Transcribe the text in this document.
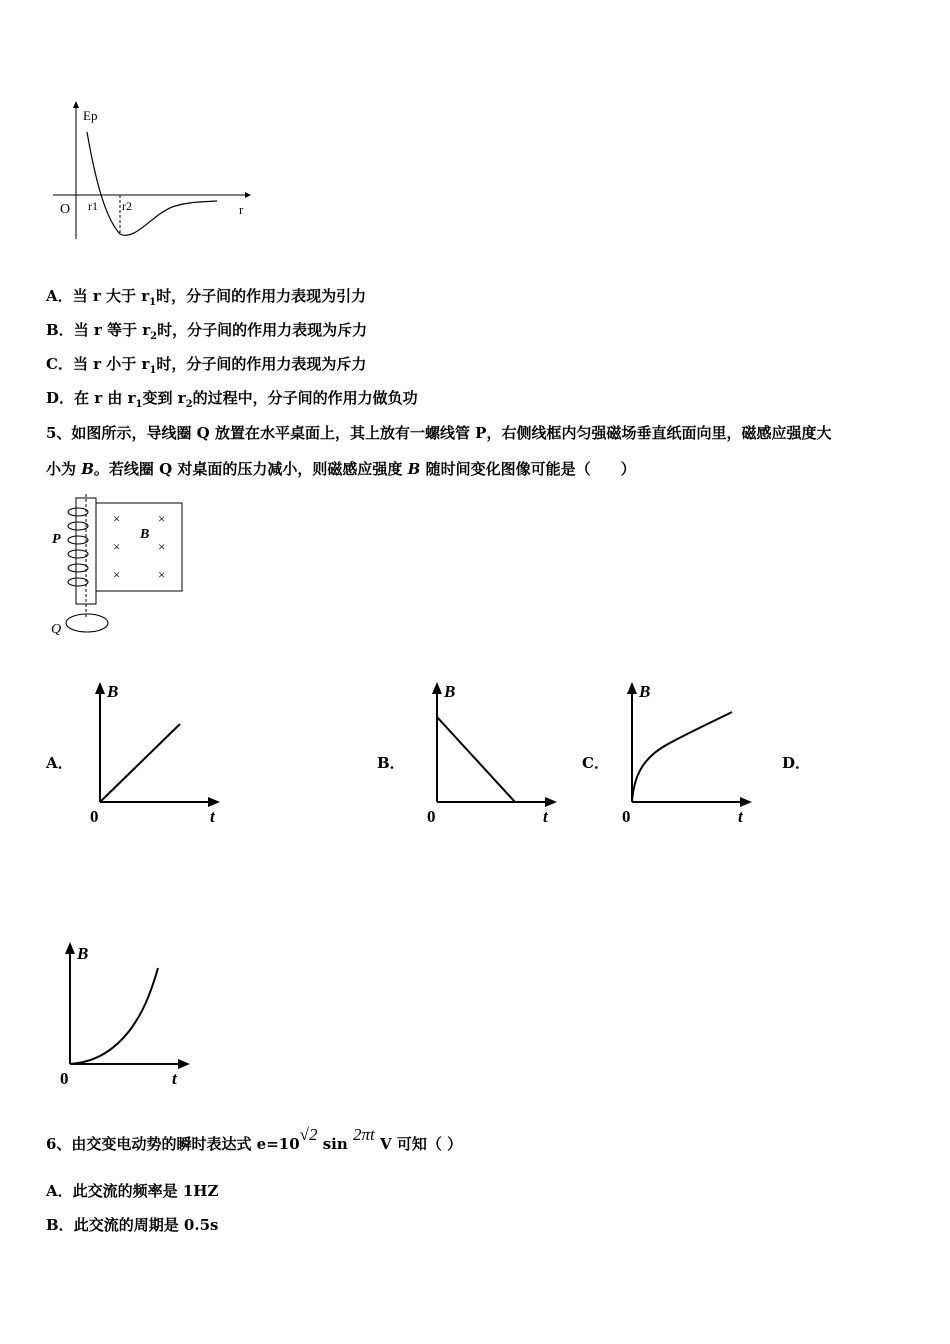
Ep
O r1 r2	r
A．当 r 大于 $r_1$时，分子间的作用力表现为引力
B．当 r 等于 $r_2$时，分子间的作用力表现为斥力
C．当 r 小于 $r_1$时，分子间的作用力表现为斥力
D．在 r 由 $r_1$变到 $r_2$的过程中，分子间的作用力做负功
5、如图所示，导线圈 Q 放置在水平桌面上，其上放有一螺线管 P，右侧线框内匀强磁场垂直纸面向里，磁感应强度大
小为 B。若线圈 Q 对桌面的压力减小，则磁感应强度 B 随时间变化图像可能是（　　）
×	×
×	×
×	×
B
P
Q
A．	B．	C．	D．
B
0	t
B
0	t
B
0	t
B
0	t
6、由交变电动势的瞬时表达式 e=10√2 sin 2πt V 可知（ ）
A．此交流的频率是 1HZ
B．此交流的周期是 0.5s
